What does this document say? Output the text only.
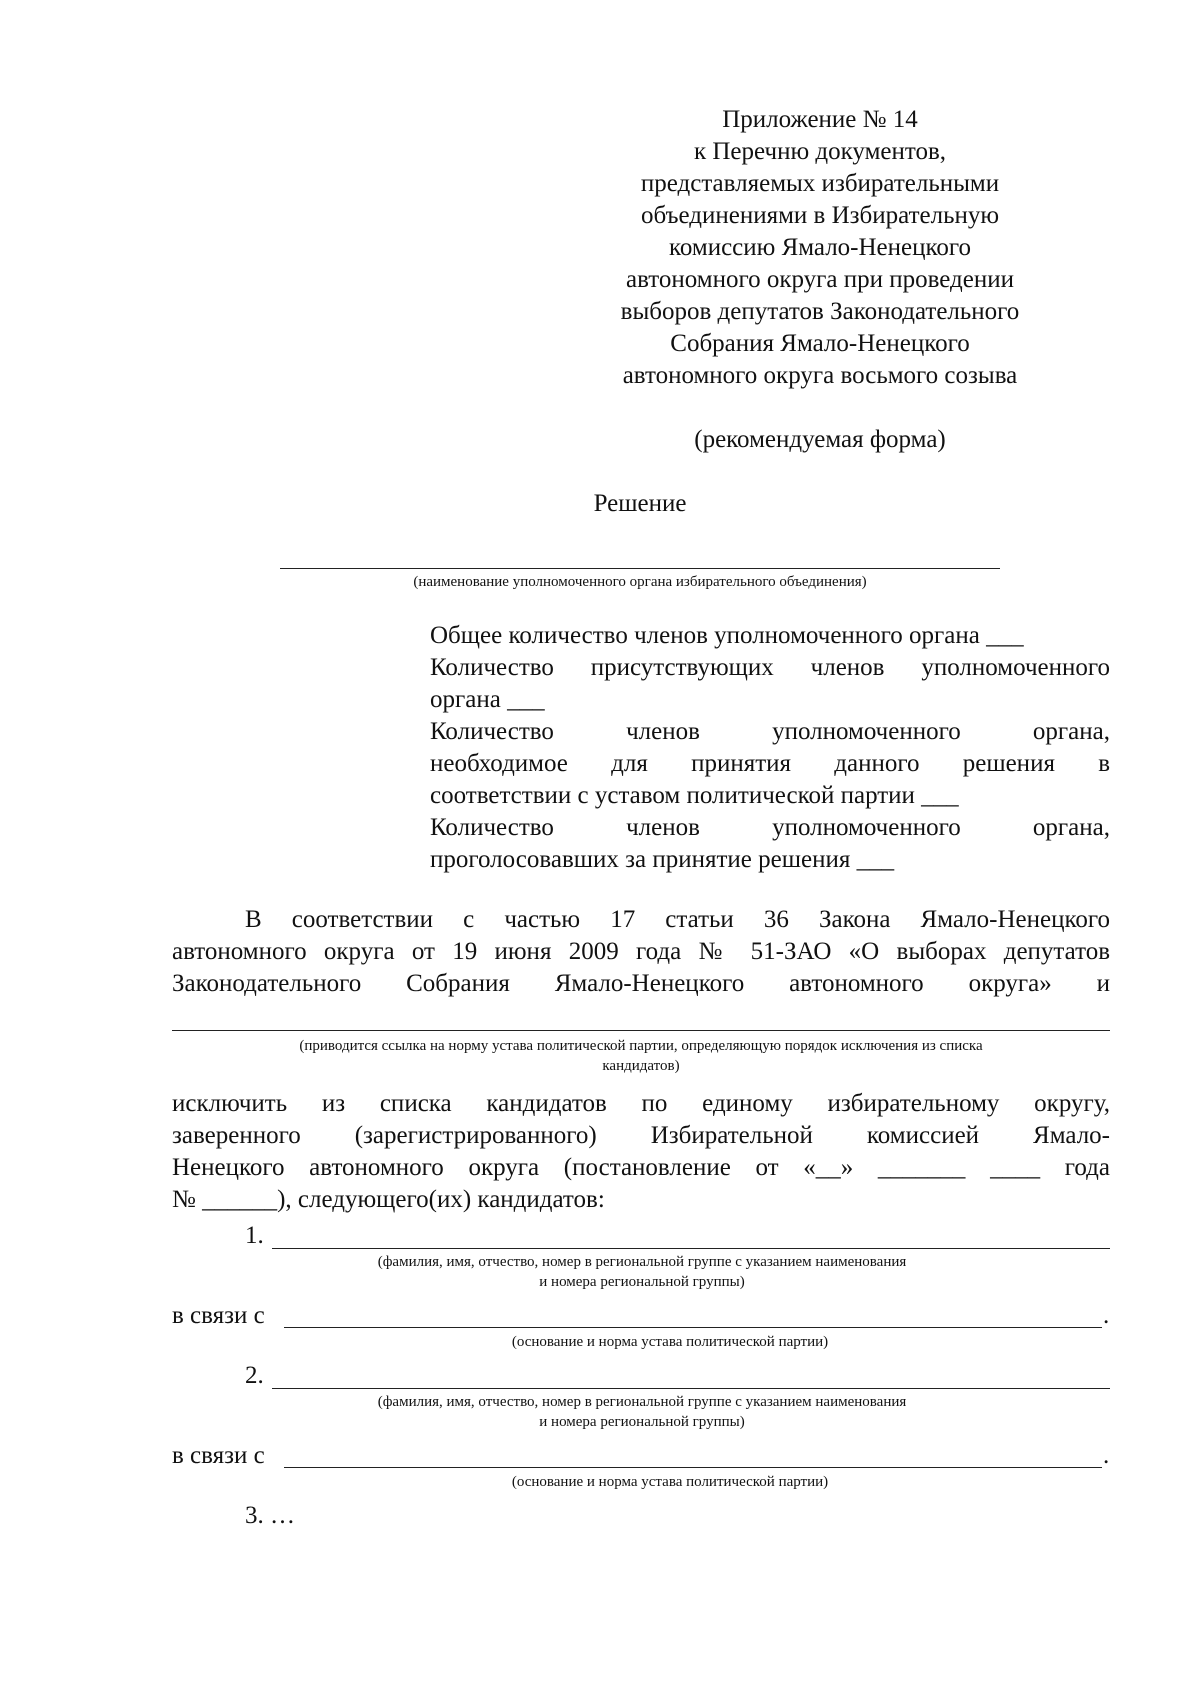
Приложение № 14
к Перечню документов,
представляемых избирательными
объединениями в Избирательную
комиссию Ямало-Ненецкого
автономного округа при проведении
выборов депутатов Законодательного
Собрания Ямало-Ненецкого
автономного округа восьмого созыва
(рекомендуемая форма)
Решение
(наименование уполномоченного органа избирательного объединения)
Общее количество членов уполномоченного органа ___
Количество присутствующих членов уполномоченного
органа ___
Количество членов уполномоченного органа,
необходимое для принятия данного решения в
соответствии с уставом политической партии ___
Количество членов уполномоченного органа,
проголосовавших за принятие решения ___
В соответствии с частью 17 статьи 36 Закона Ямало-Ненецкого
автономного округа от 19 июня 2009 года № 51-ЗАО «О выборах депутатов
Законодательного Собрания Ямало-Ненецкого автономного округа» и
(приводится ссылка на норму устава политической партии, определяющую порядок исключения из списка
кандидатов)
исключить из списка кандидатов по единому избирательному округу,
заверенного (зарегистрированного) Избирательной комиссией Ямало-
Ненецкого автономного округа (постановление от «__» _______ ____ года
№ ______), следующего(их) кандидатов:
1.
(фамилия, имя, отчество, номер в региональной группе с указанием наименования
и номера региональной группы)
в связи с	.
(основание и норма устава политической партии)
2.
(фамилия, имя, отчество, номер в региональной группе с указанием наименования
и номера региональной группы)
в связи с	.
(основание и норма устава политической партии)
3. …
